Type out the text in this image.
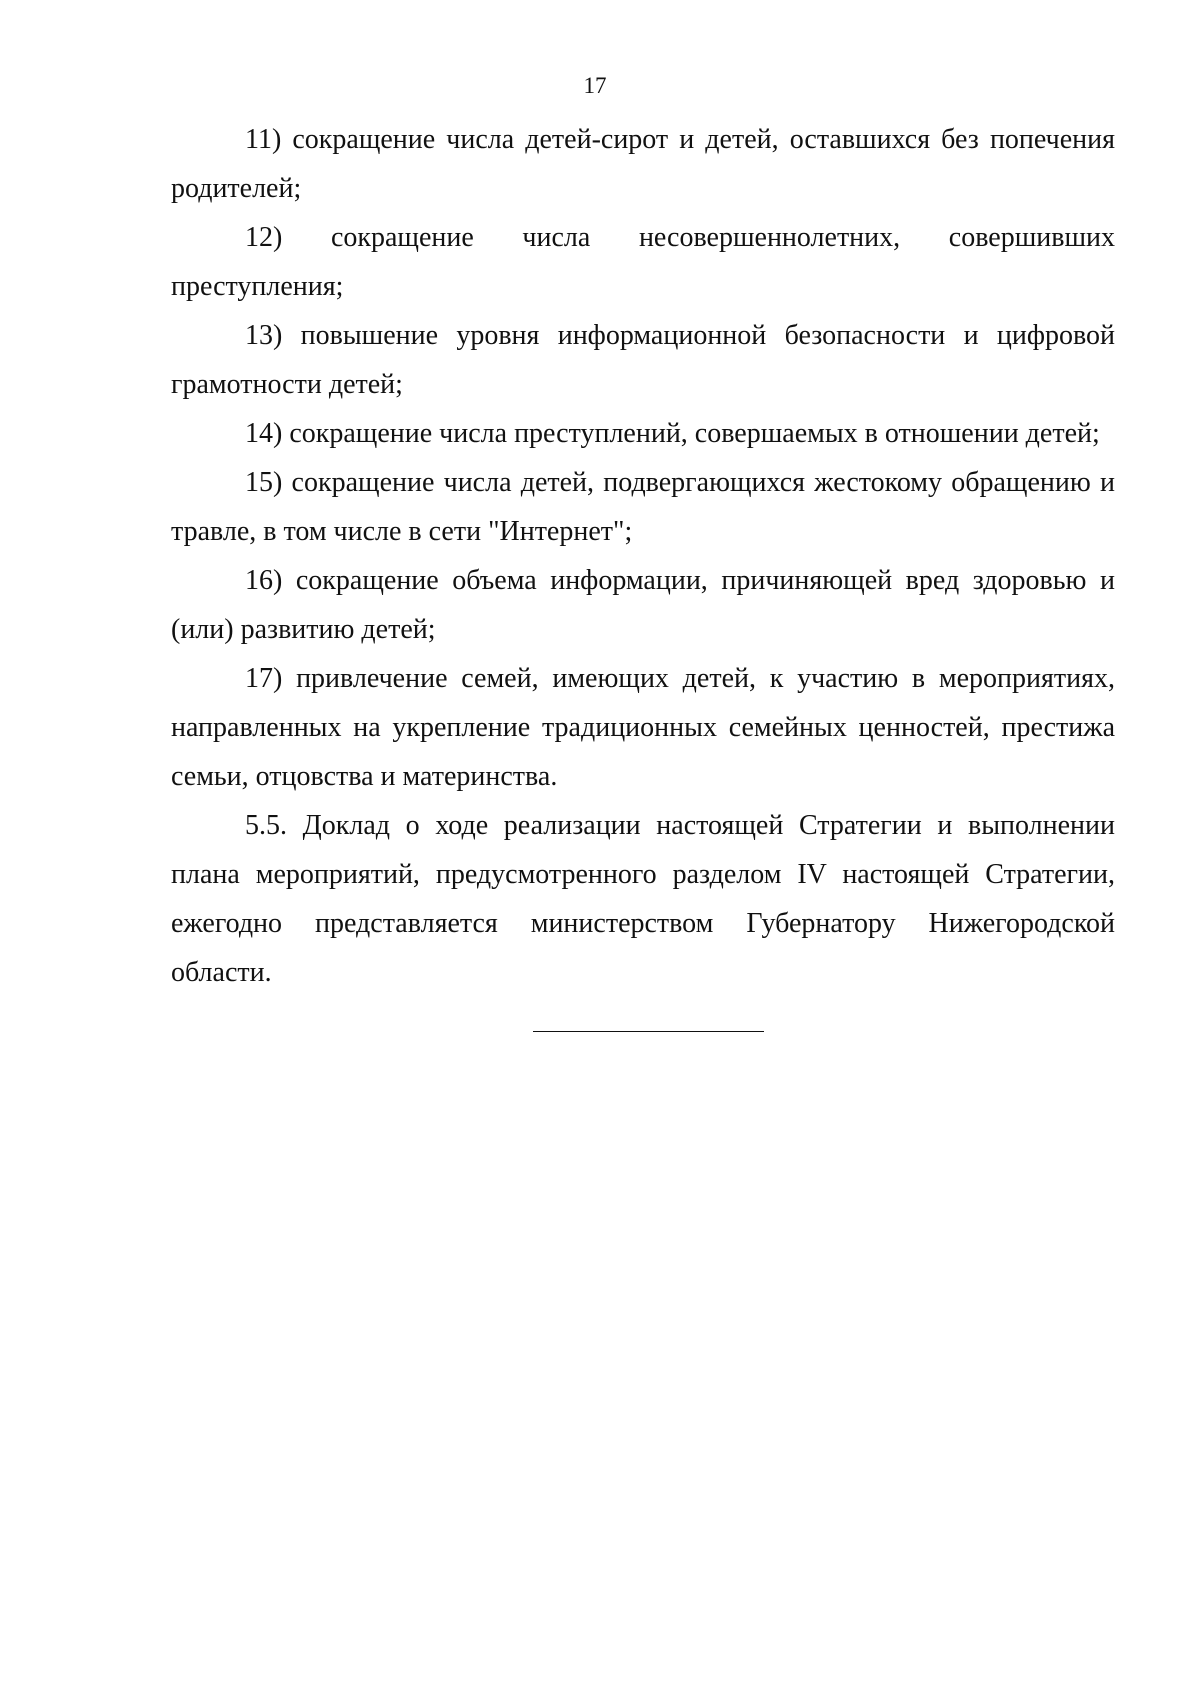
17

11) сокращение числа детей-сирот и детей, оставшихся без попечения родителей;

12) сокращение числа несовершеннолетних, совершивших преступления;

13) повышение уровня информационной безопасности и цифровой грамотности детей;

14) сокращение числа преступлений, совершаемых в отношении детей;

15) сокращение числа детей, подвергающихся жестокому обращению и травле, в том числе в сети "Интернет";

16) сокращение объема информации, причиняющей вред здоровью и (или) развитию детей;

17) привлечение семей, имеющих детей, к участию в мероприятиях, направленных на укрепление традиционных семейных ценностей, престижа семьи, отцовства и материнства.

5.5. Доклад о ходе реализации настоящей Стратегии и выполнении плана мероприятий, предусмотренного разделом IV настоящей Стратегии, ежегодно представляется министерством Губернатору Нижегородской области.
